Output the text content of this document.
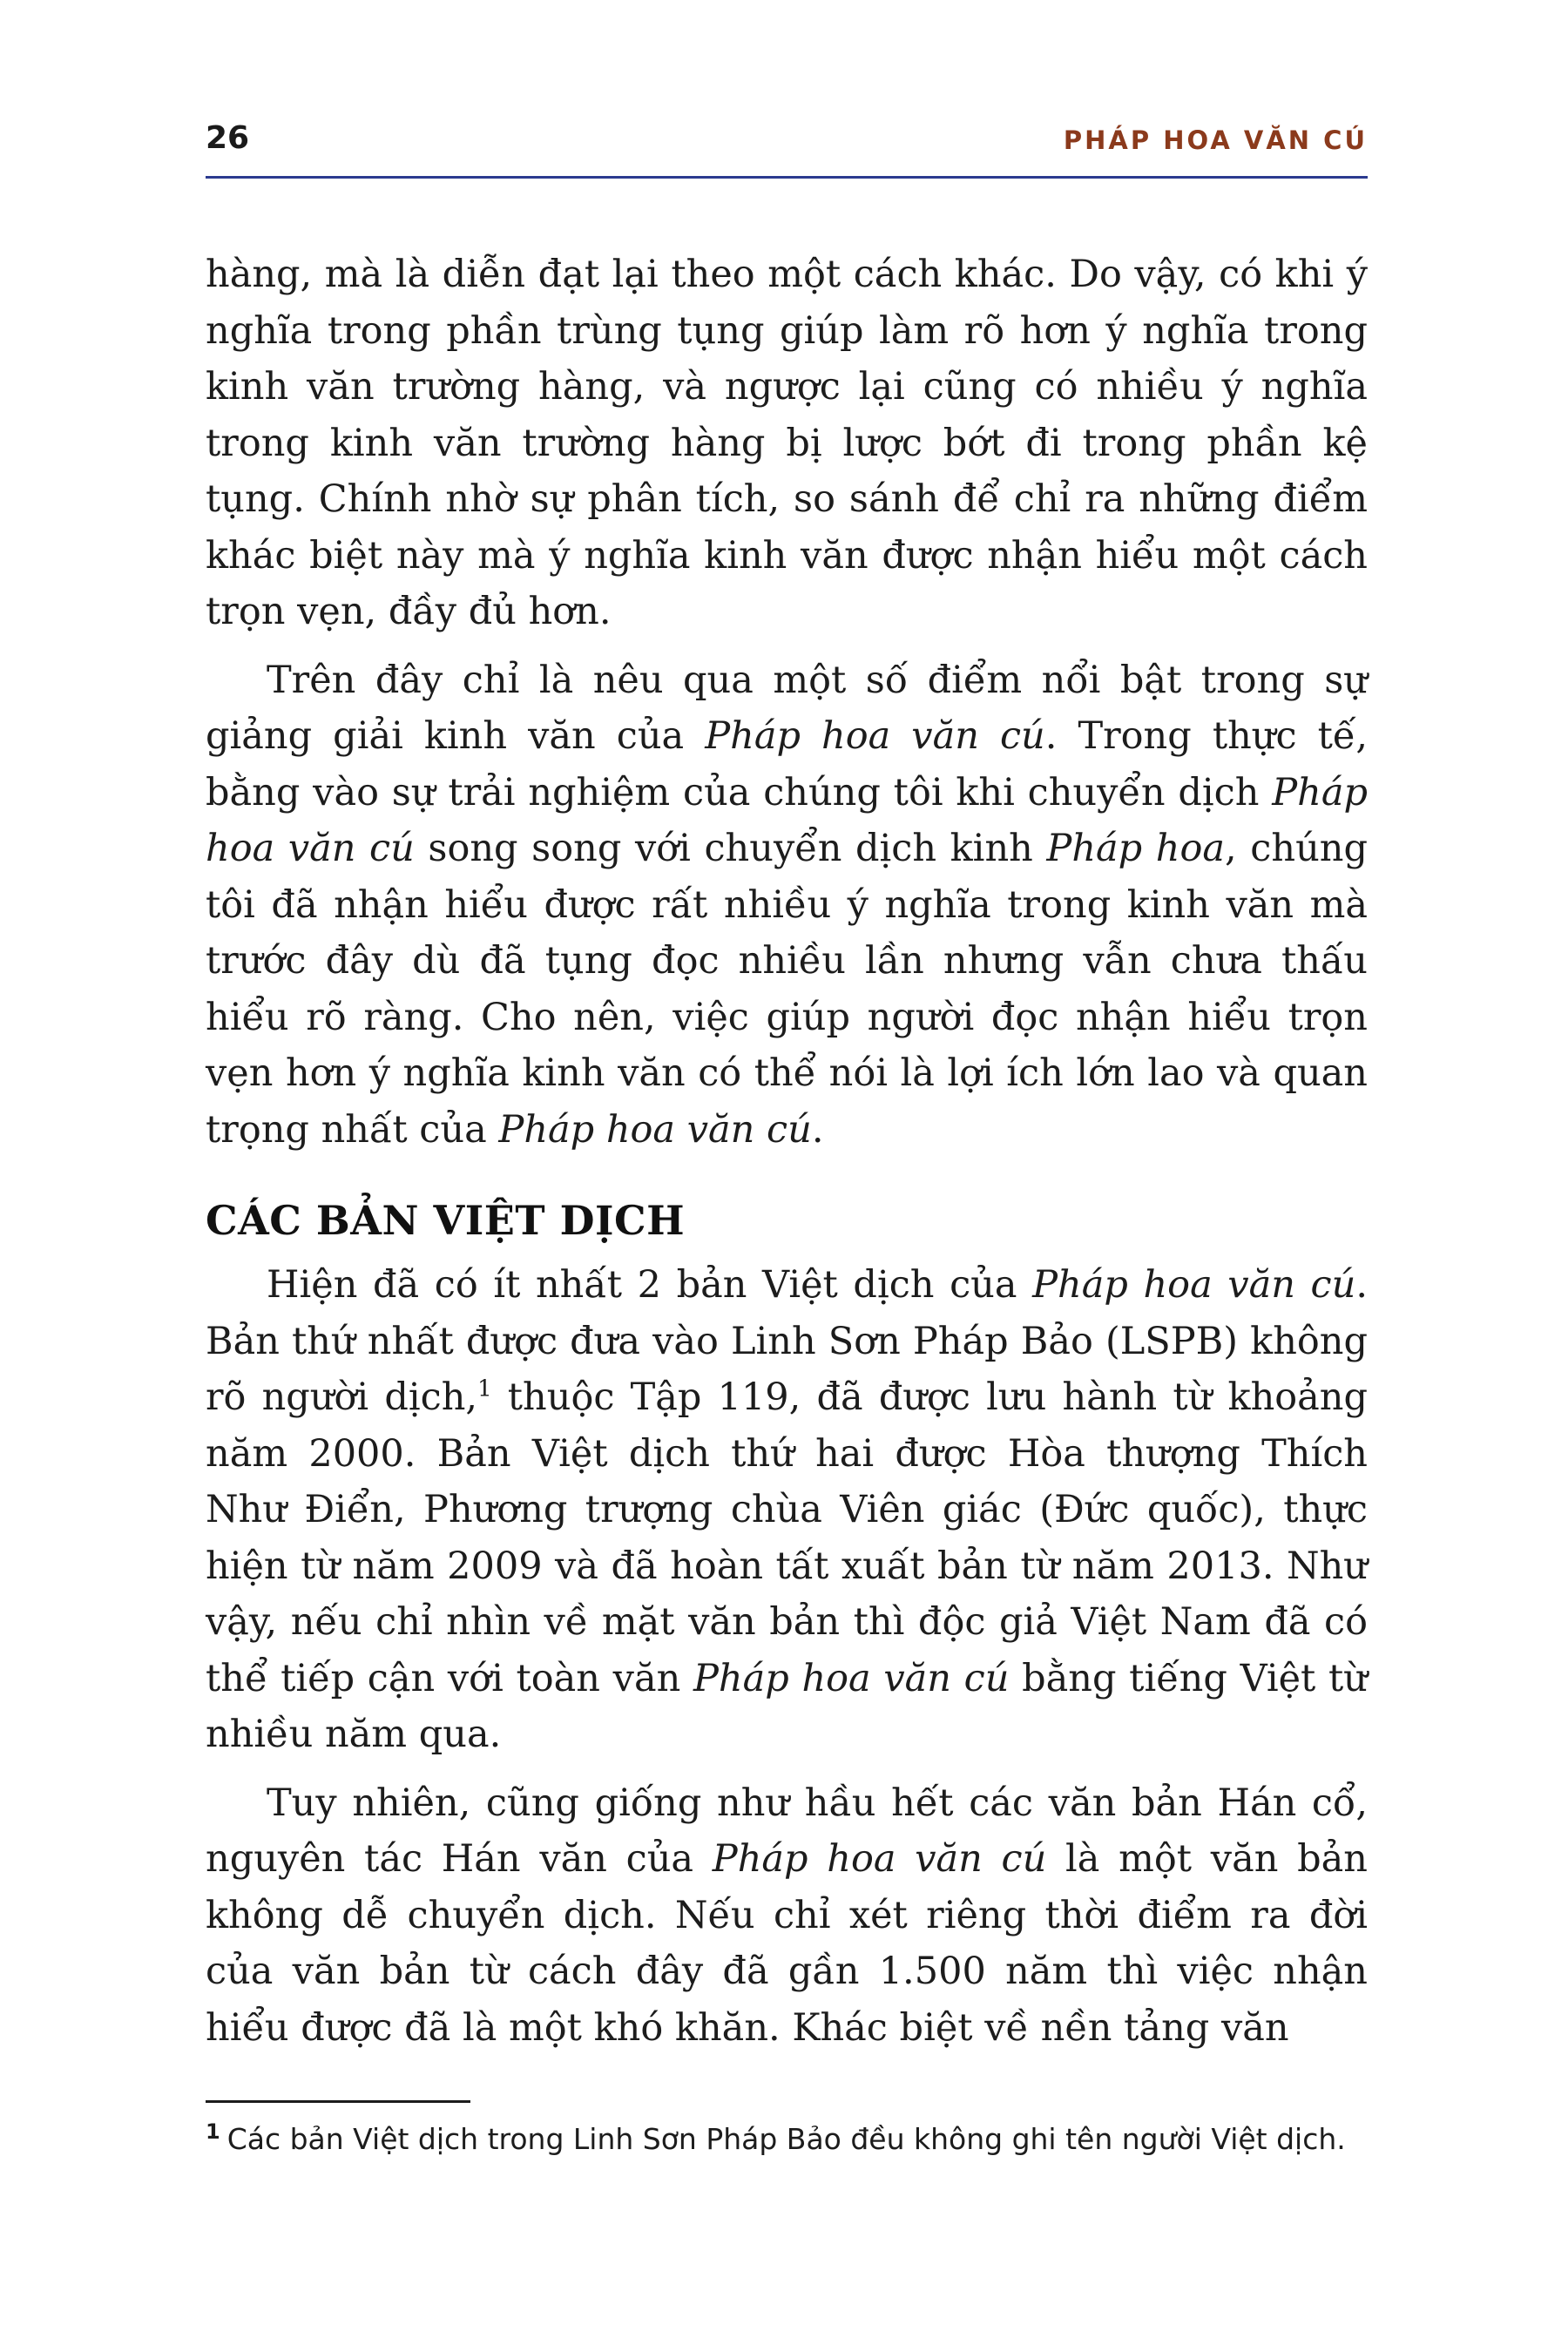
26	PHÁP HOA VĂN CÚ

hàng, mà là diễn đạt lại theo một cách khác. Do vậy, có khi ý nghĩa trong phần trùng tụng giúp làm rõ hơn ý nghĩa trong kinh văn trường hàng, và ngược lại cũng có nhiều ý nghĩa trong kinh văn trường hàng bị lược bớt đi trong phần kệ tụng. Chính nhờ sự phân tích, so sánh để chỉ ra những điểm khác biệt này mà ý nghĩa kinh văn được nhận hiểu một cách trọn vẹn, đầy đủ hơn.

Trên đây chỉ là nêu qua một số điểm nổi bật trong sự giảng giải kinh văn của Pháp hoa văn cú. Trong thực tế, bằng vào sự trải nghiệm của chúng tôi khi chuyển dịch Pháp hoa văn cú song song với chuyển dịch kinh Pháp hoa, chúng tôi đã nhận hiểu được rất nhiều ý nghĩa trong kinh văn mà trước đây dù đã tụng đọc nhiều lần nhưng vẫn chưa thấu hiểu rõ ràng. Cho nên, việc giúp người đọc nhận hiểu trọn vẹn hơn ý nghĩa kinh văn có thể nói là lợi ích lớn lao và quan trọng nhất của Pháp hoa văn cú.

CÁC BẢN VIỆT DỊCH

Hiện đã có ít nhất 2 bản Việt dịch của Pháp hoa văn cú. Bản thứ nhất được đưa vào Linh Sơn Pháp Bảo (LSPB) không rõ người dịch,$^1$ thuộc Tập 119, đã được lưu hành từ khoảng năm 2000. Bản Việt dịch thứ hai được Hòa thượng Thích Như Điển, Phương trượng chùa Viên giác (Đức quốc), thực hiện từ năm 2009 và đã hoàn tất xuất bản từ năm 2013. Như vậy, nếu chỉ nhìn về mặt văn bản thì độc giả Việt Nam đã có thể tiếp cận với toàn văn Pháp hoa văn cú bằng tiếng Việt từ nhiều năm qua.

Tuy nhiên, cũng giống như hầu hết các văn bản Hán cổ, nguyên tác Hán văn của Pháp hoa văn cú là một văn bản không dễ chuyển dịch. Nếu chỉ xét riêng thời điểm ra đời của văn bản từ cách đây đã gần 1.500 năm thì việc nhận hiểu được đã là một khó khăn. Khác biệt về nền tảng văn

$^1$ Các bản Việt dịch trong Linh Sơn Pháp Bảo đều không ghi tên người Việt dịch.
